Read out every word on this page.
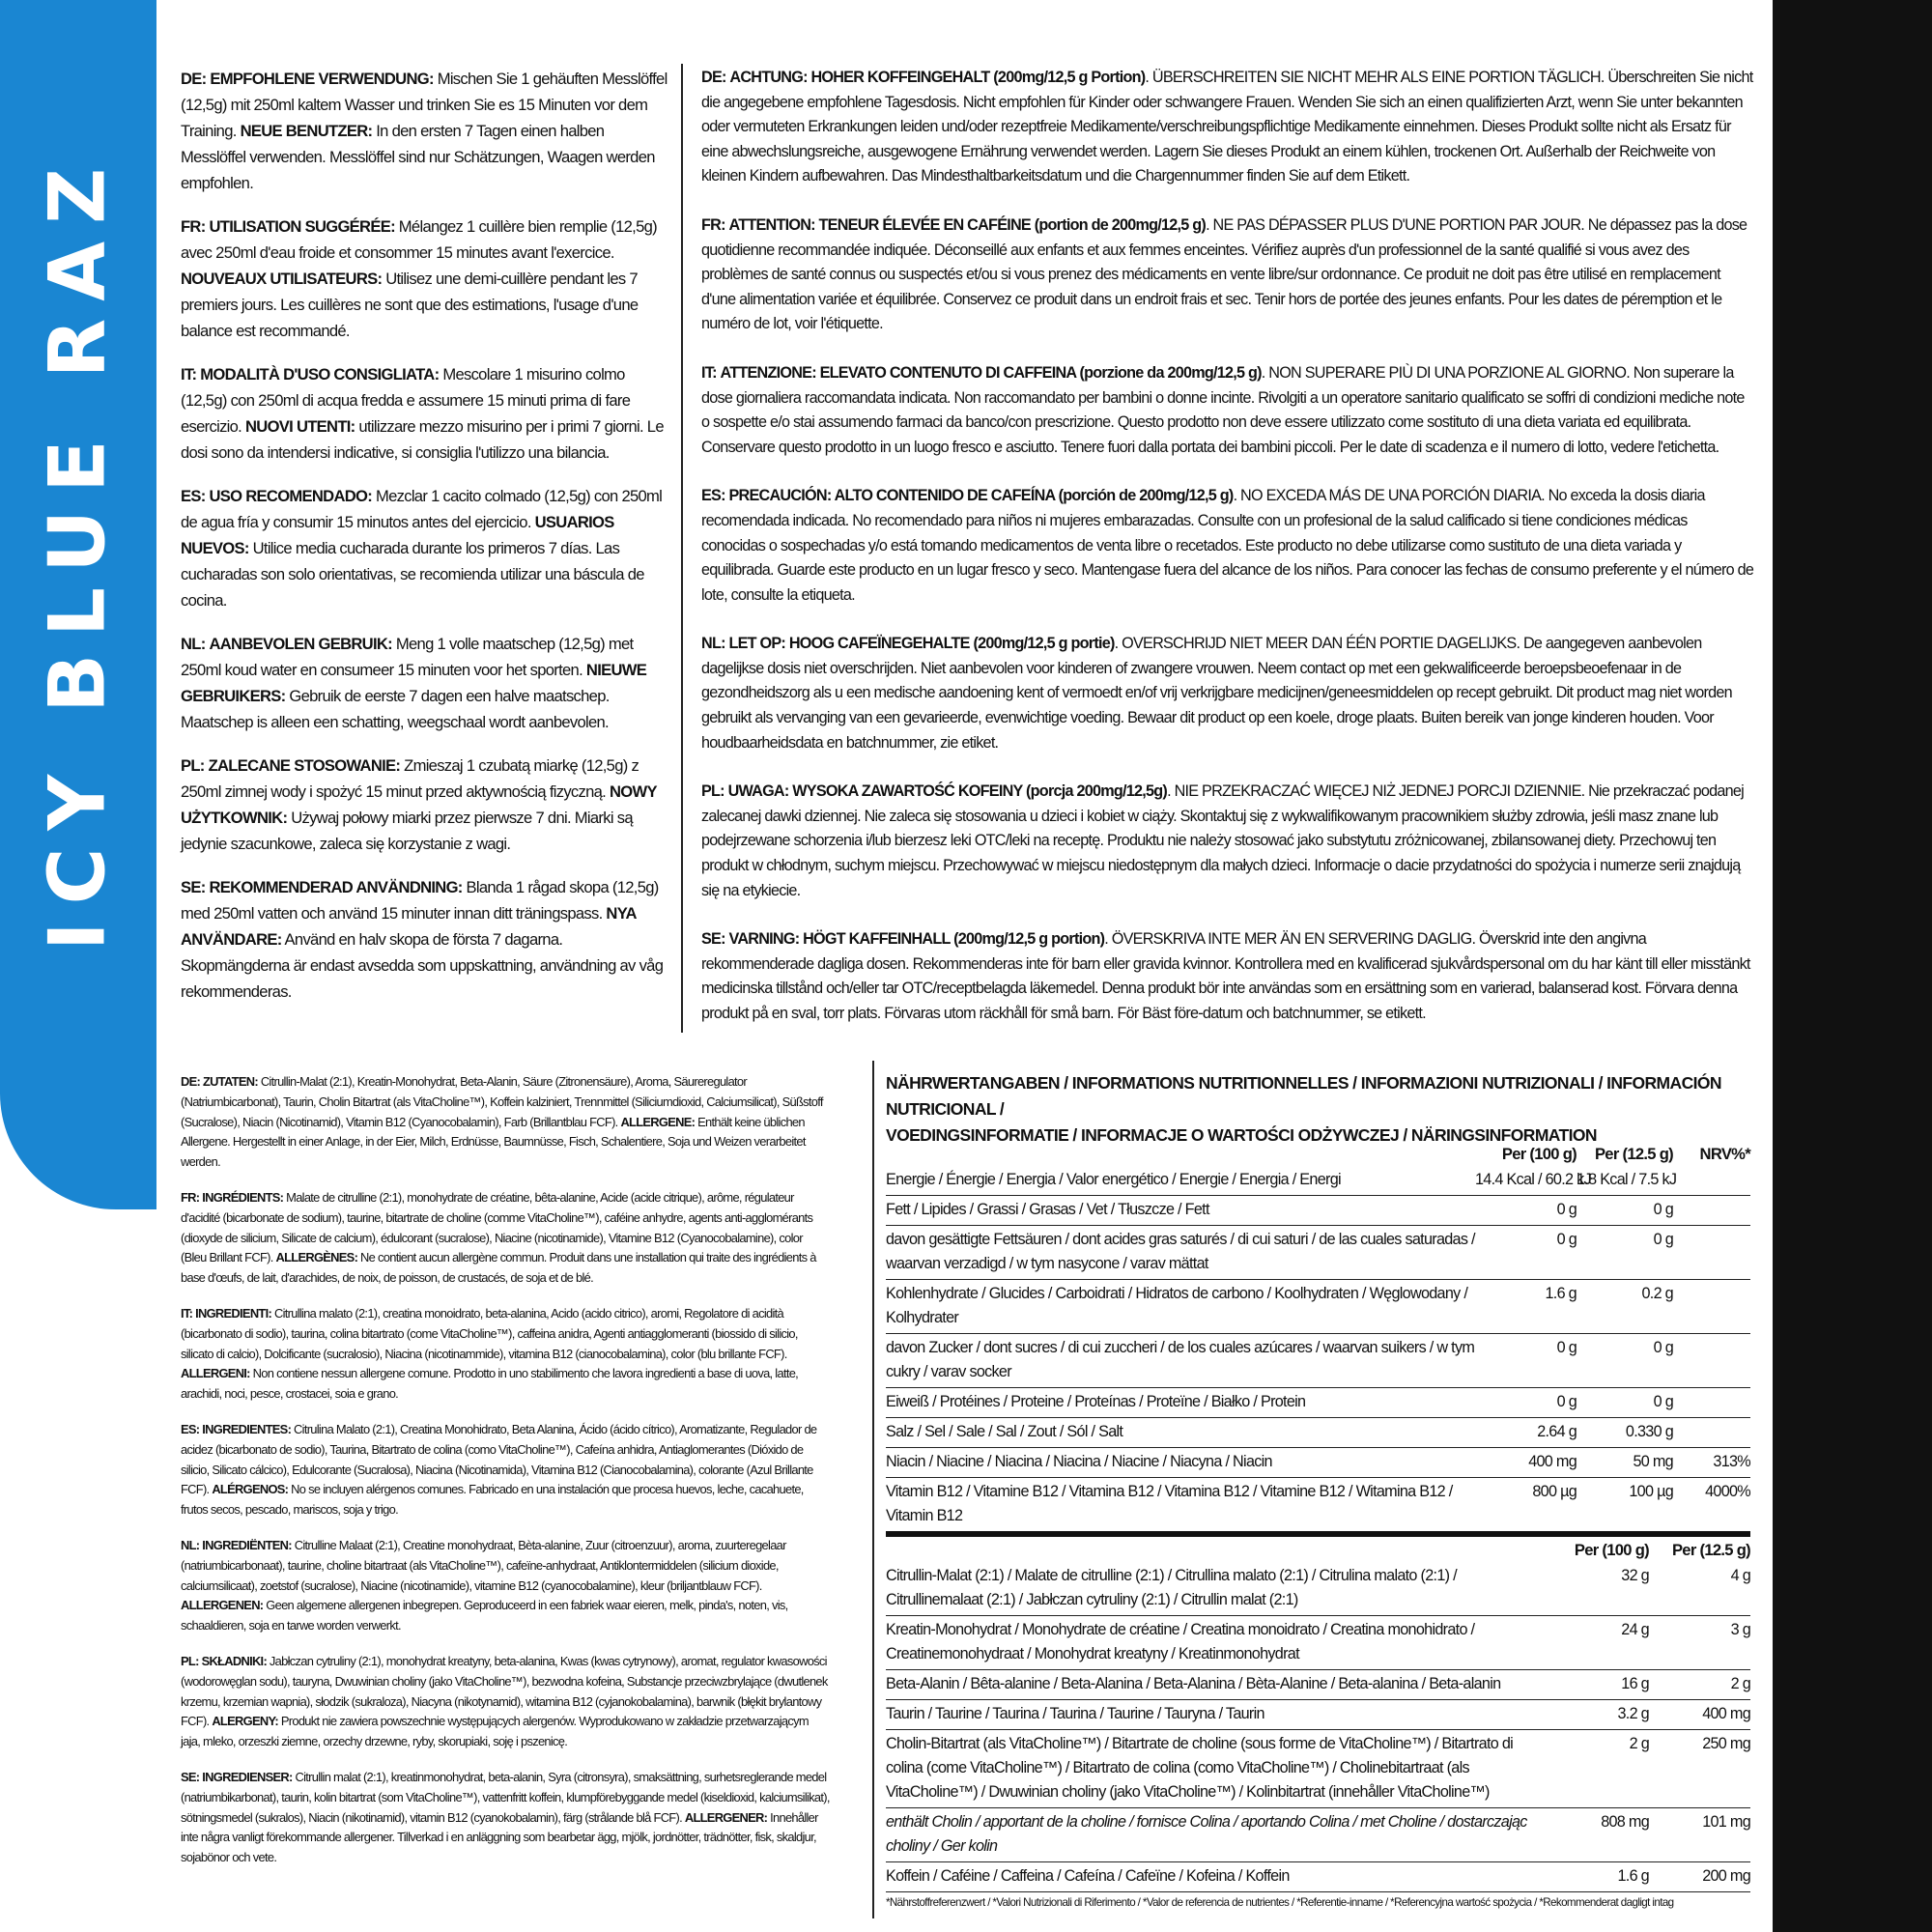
ICY BLUE RAZ

DE: EMPFOHLENE VERWENDUNG: Mischen Sie 1 gehäuften Messlöffel (12,5g) mit 250ml kaltem Wasser und trinken Sie es 15 Minuten vor dem Training. NEUE BENUTZER: In den ersten 7 Tagen einen halben Messlöffel verwenden. Messlöffel sind nur Schätzungen, Waagen werden empfohlen.

FR: UTILISATION SUGGÉRÉE: Mélangez 1 cuillère bien remplie (12,5g) avec 250ml d'eau froide et consommer 15 minutes avant l'exercice. NOUVEAUX UTILISATEURS: Utilisez une demi-cuillère pendant les 7 premiers jours. Les cuillères ne sont que des estimations, l'usage d'une balance est recommandé.

IT: MODALITÀ D'USO CONSIGLIATA: Mescolare 1 misurino colmo (12,5g) con 250ml di acqua fredda e assumere 15 minuti prima di fare esercizio. NUOVI UTENTI: utilizzare mezzo misurino per i primi 7 giorni. Le dosi sono da intendersi indicative, si consiglia l'utilizzo una bilancia.

ES: USO RECOMENDADO: Mezclar 1 cacito colmado (12,5g) con 250ml de agua fría y consumir 15 minutos antes del ejercicio. USUARIOS NUEVOS: Utilice media cucharada durante los primeros 7 días. Las cucharadas son solo orientativas, se recomienda utilizar una báscula de cocina.

NL: AANBEVOLEN GEBRUIK: Meng 1 volle maatschep (12,5g) met 250ml koud water en consumeer 15 minuten voor het sporten. NIEUWE GEBRUIKERS: Gebruik de eerste 7 dagen een halve maatschep. Maatschep is alleen een schatting, weegschaal wordt aanbevolen.

PL: ZALECANE STOSOWANIE: Zmieszaj 1 czubatą miarkę (12,5g) z 250ml zimnej wody i spożyć 15 minut przed aktywnością fizyczną. NOWY UŻYTKOWNIK: Używaj połowy miarki przez pierwsze 7 dni. Miarki są jedynie szacunkowe, zaleca się korzystanie z wagi.

SE: REKOMMENDERAD ANVÄNDNING: Blanda 1 rågad skopa (12,5g) med 250ml vatten och använd 15 minuter innan ditt träningspass. NYA ANVÄNDARE: Använd en halv skopa de första 7 dagarna. Skopmängderna är endast avsedda som uppskattning, användning av våg rekommenderas.

DE: ACHTUNG: HOHER KOFFEINGEHALT (200mg/12,5 g Portion). ÜBERSCHREITEN SIE NICHT MEHR ALS EINE PORTION TÄGLICH. Überschreiten Sie nicht die angegebene empfohlene Tagesdosis. Nicht empfohlen für Kinder oder schwangere Frauen. Wenden Sie sich an einen qualifizierten Arzt, wenn Sie unter bekannten oder vermuteten Erkrankungen leiden und/oder rezeptfreie Medikamente/verschreibungspflichtige Medikamente einnehmen. Dieses Produkt sollte nicht als Ersatz für eine abwechslungsreiche, ausgewogene Ernährung verwendet werden. Lagern Sie dieses Produkt an einem kühlen, trockenen Ort. Außerhalb der Reichweite von kleinen Kindern aufbewahren. Das Mindesthaltbarkeitsdatum und die Chargennummer finden Sie auf dem Etikett.

FR: ATTENTION: TENEUR ÉLEVÉE EN CAFÉINE (portion de 200mg/12,5 g). NE PAS DÉPASSER PLUS D'UNE PORTION PAR JOUR. Ne dépassez pas la dose quotidienne recommandée indiquée. Déconseillé aux enfants et aux femmes enceintes. Vérifiez auprès d'un professionnel de la santé qualifié si vous avez des problèmes de santé connus ou suspectés et/ou si vous prenez des médicaments en vente libre/sur ordonnance. Ce produit ne doit pas être utilisé en remplacement d'une alimentation variée et équilibrée. Conservez ce produit dans un endroit frais et sec. Tenir hors de portée des jeunes enfants. Pour les dates de péremption et le numéro de lot, voir l'étiquette.

IT: ATTENZIONE: ELEVATO CONTENUTO DI CAFFEINA (porzione da 200mg/12,5 g). NON SUPERARE PIÙ DI UNA PORZIONE AL GIORNO. Non superare la dose giornaliera raccomandata indicata. Non raccomandato per bambini o donne incinte. Rivolgiti a un operatore sanitario qualificato se soffri di condizioni mediche note o sospette e/o stai assumendo farmaci da banco/con prescrizione. Questo prodotto non deve essere utilizzato come sostituto di una dieta variata ed equilibrata. Conservare questo prodotto in un luogo fresco e asciutto. Tenere fuori dalla portata dei bambini piccoli. Per le date di scadenza e il numero di lotto, vedere l'etichetta.

ES: PRECAUCIÓN: ALTO CONTENIDO DE CAFEÍNA (porción de 200mg/12,5 g). NO EXCEDA MÁS DE UNA PORCIÓN DIARIA. No exceda la dosis diaria recomendada indicada. No recomendado para niños ni mujeres embarazadas. Consulte con un profesional de la salud calificado si tiene condiciones médicas conocidas o sospechadas y/o está tomando medicamentos de venta libre o recetados. Este producto no debe utilizarse como sustituto de una dieta variada y equilibrada. Guarde este producto en un lugar fresco y seco. Mantengase fuera del alcance de los niños. Para conocer las fechas de consumo preferente y el número de lote, consulte la etiqueta.

NL: LET OP: HOOG CAFEÏNEGEHALTE (200mg/12,5 g portie). OVERSCHRIJD NIET MEER DAN ÉÉN PORTIE DAGELIJKS. De aangegeven aanbevolen dagelijkse dosis niet overschrijden. Niet aanbevolen voor kinderen of zwangere vrouwen. Neem contact op met een gekwalificeerde beroepsbeoefenaar in de gezondheidszorg als u een medische aandoening kent of vermoedt en/of vrij verkrijgbare medicijnen/geneesmiddelen op recept gebruikt. Dit product mag niet worden gebruikt als vervanging van een gevarieerde, evenwichtige voeding. Bewaar dit product op een koele, droge plaats. Buiten bereik van jonge kinderen houden. Voor houdbaarheidsdata en batchnummer, zie etiket.

PL: UWAGA: WYSOKA ZAWARTOŚĆ KOFEINY (porcja 200mg/12,5g). NIE PRZEKRACZAĆ WIĘCEJ NIŻ JEDNEJ PORCJI DZIENNIE. Nie przekraczać podanej zalecanej dawki dziennej. Nie zaleca się stosowania u dzieci i kobiet w ciąży. Skontaktuj się z wykwalifikowanym pracownikiem służby zdrowia, jeśli masz znane lub podejrzewane schorzenia i/lub bierzesz leki OTC/leki na receptę. Produktu nie należy stosować jako substytutu zróżnicowanej, zbilansowanej diety. Przechowuj ten produkt w chłodnym, suchym miejscu. Przechowywać w miejscu niedostępnym dla małych dzieci. Informacje o dacie przydatności do spożycia i numerze serii znajdują się na etykiecie.

SE: VARNING: HÖGT KAFFEINHALL (200mg/12,5 g portion). ÖVERSKRIVA INTE MER ÄN EN SERVERING DAGLIG. Överskrid inte den angivna rekommenderade dagliga dosen. Rekommenderas inte för barn eller gravida kvinnor. Kontrollera med en kvalificerad sjukvårdspersonal om du har känt till eller misstänkt medicinska tillstånd och/eller tar OTC/receptbelagda läkemedel. Denna produkt bör inte användas som en ersättning som en varierad, balanserad kost. Förvara denna produkt på en sval, torr plats. Förvaras utom räckhåll för små barn. För Bäst före-datum och batchnummer, se etikett.

DE: ZUTATEN: Citrullin-Malat (2:1), Kreatin-Monohydrat, Beta-Alanin, Säure (Zitronensäure), Aroma, Säureregulator (Natriumbicarbonat), Taurin, Cholin Bitartrat (als VitaCholine™), Koffein kalziniert, Trennmittel (Siliciumdioxid, Calciumsilicat), Süßstoff (Sucralose), Niacin (Nicotinamid), Vitamin B12 (Cyanocobalamin), Farb (Brillantblau FCF). ALLERGENE: Enthält keine üblichen Allergene. Hergestellt in einer Anlage, in der Eier, Milch, Erdnüsse, Baumnüsse, Fisch, Schalentiere, Soja und Weizen verarbeitet werden.

FR: INGRÉDIENTS: Malate de citrulline (2:1), monohydrate de créatine, bêta-alanine, Acide (acide citrique), arôme, régulateur d'acidité (bicarbonate de sodium), taurine, bitartrate de choline (comme VitaCholine™), caféine anhydre, agents anti-agglomérants (dioxyde de silicium, Silicate de calcium), édulcorant (sucralose), Niacine (nicotinamide), Vitamine B12 (Cyanocobalamine), color (Bleu Brillant FCF). ALLERGÈNES: Ne contient aucun allergène commun. Produit dans une installation qui traite des ingrédients à base d'œufs, de lait, d'arachides, de noix, de poisson, de crustacés, de soja et de blé.

IT: INGREDIENTI: Citrullina malato (2:1), creatina monoidrato, beta-alanina, Acido (acido citrico), aromi, Regolatore di acidità (bicarbonato di sodio), taurina, colina bitartrato (come VitaCholine™), caffeina anidra, Agenti antiagglomeranti (biossido di silicio, silicato di calcio), Dolcificante (sucralosio), Niacina (nicotinammide), vitamina B12 (cianocobalamina), color (blu brillante FCF). ALLERGENI: Non contiene nessun allergene comune. Prodotto in uno stabilimento che lavora ingredienti a base di uova, latte, arachidi, noci, pesce, crostacei, soia e grano.

ES: INGREDIENTES: Citrulina Malato (2:1), Creatina Monohidrato, Beta Alanina, Ácido (ácido cítrico), Aromatizante, Regulador de acidez (bicarbonato de sodio), Taurina, Bitartrato de colina (como VitaCholine™), Cafeína anhidra, Antiaglomerantes (Dióxido de silicio, Silicato cálcico), Edulcorante (Sucralosa), Niacina (Nicotinamida), Vitamina B12 (Cianocobalamina), colorante (Azul Brillante FCF). ALÉRGENOS: No se incluyen alérgenos comunes. Fabricado en una instalación que procesa huevos, leche, cacahuete, frutos secos, pescado, mariscos, soja y trigo.

NL: INGREDIËNTEN: Citrulline Malaat (2:1), Creatine monohydraat, Bèta-alanine, Zuur (citroenzuur), aroma, zuurteregelaar (natriumbicarbonaat), taurine, choline bitartraat (als VitaCholine™), cafeïne-anhydraat, Antiklontermiddelen (silicium dioxide, calciumsilicaat), zoetstof (sucralose), Niacine (nicotinamide), vitamine B12 (cyanocobalamine), kleur (briljantblauw FCF). ALLERGENEN: Geen algemene allergenen inbegrepen. Geproduceerd in een fabriek waar eieren, melk, pinda's, noten, vis, schaaldieren, soja en tarwe worden verwerkt.

PL: SKŁADNIKI: Jabłczan cytruliny (2:1), monohydrat kreatyny, beta-alanina, Kwas (kwas cytrynowy), aromat, regulator kwasowości (wodorowęglan sodu), tauryna, Dwuwinian choliny (jako VitaCholine™), bezwodna kofeina, Substancje przeciwzbrylające (dwutlenek krzemu, krzemian wapnia), słodzik (sukraloza), Niacyna (nikotynamid), witamina B12 (cyjanokobalamina), barwnik (błękit brylantowy FCF). ALERGENY: Produkt nie zawiera powszechnie występujących alergenów. Wyprodukowano w zakładzie przetwarzającym jaja, mleko, orzeszki ziemne, orzechy drzewne, ryby, skorupiaki, soję i pszenicę.

SE: INGREDIENSER: Citrullin malat (2:1), kreatinmonohydrat, beta-alanin, Syra (citronsyra), smaksättning, surhetsreglerande medel (natriumbikarbonat), taurin, kolin bitartrat (som VitaCholine™), vattenfritt koffein, klumpförebyggande medel (kiseldioxid, kalciumsilikat), sötningsmedel (sukralos), Niacin (nikotinamid), vitamin B12 (cyanokobalamin), färg (strålande blå FCF). ALLERGENER: Innehåller inte några vanligt förekommande allergener. Tillverkad i en anläggning som bearbetar ägg, mjölk, jordnötter, trädnötter, fisk, skaldjur, sojabönor och vete.

NÄHRWERTANGABEN / INFORMATIONS NUTRITIONNELLES / INFORMAZIONI NUTRIZIONALI / INFORMACIÓN NUTRICIONAL /
VOEDINGSINFORMATIE / INFORMACJE O WARTOŚCI ODŻYWCZEJ / NÄRINGSINFORMATION
	Per (100 g)	Per (12.5 g)	NRV%*
Energie / Énergie / Energia / Valor energético / Energie / Energia / Energi	14.4 Kcal / 60.2 kJ	1.8 Kcal / 7.5 kJ	
Fett / Lipides / Grassi / Grasas / Vet / Tłuszcze / Fett	0 g	0 g	
davon gesättigte Fettsäuren / dont acides gras saturés / di cui saturi / de las cuales saturadas / waarvan verzadigd / w tym nasycone / varav mättat	0 g	0 g	
Kohlenhydrate / Glucides / Carboidrati / Hidratos de carbono / Koolhydraten / Węglowodany / Kolhydrater	1.6 g	0.2 g	
davon Zucker / dont sucres / di cui zuccheri / de los cuales azúcares / waarvan suikers / w tym cukry / varav socker	0 g	0 g	
Eiweiß / Protéines / Proteine / Proteínas / Proteïne / Białko / Protein	0 g	0 g	
Salz / Sel / Sale / Sal / Zout / Sól / Salt	2.64 g	0.330 g	
Niacin / Niacine / Niacina / Niacina / Niacine / Niacyna / Niacin	400 mg	50 mg	313%
Vitamin B12 / Vitamine B12 / Vitamina B12 / Vitamina B12 / Vitamine B12 / Witamina B12 / Vitamin B12	800 µg	100 µg	4000%
	Per (100 g)	Per (12.5 g)
Citrullin-Malat (2:1) / Malate de citrulline (2:1) / Citrullina malato (2:1) / Citrulina malato (2:1) / Citrullinemalaat (2:1) / Jabłczan cytruliny (2:1) / Citrullin malat (2:1)	32 g	4 g
Kreatin-Monohydrat / Monohydrate de créatine / Creatina monoidrato / Creatina monohidrato / Creatinemonohydraat / Monohydrat kreatyny / Kreatinmonohydrat	24 g	3 g
Beta-Alanin / Bêta-alanine / Beta-Alanina / Beta-Alanina / Bèta-Alanine / Beta-alanina / Beta-alanin	16 g	2 g
Taurin / Taurine / Taurina / Taurina / Taurine / Tauryna / Taurin	3.2 g	400 mg
Cholin-Bitartrat (als VitaCholine™) / Bitartrate de choline (sous forme de VitaCholine™) / Bitartrato di colina (come VitaCholine™) / Bitartrato de colina (como VitaCholine™) / Cholinebitartraat (als VitaCholine™) / Dwuwinian choliny (jako VitaCholine™) / Kolinbitartrat (innehåller VitaCholine™)	2 g	250 mg
enthält Cholin / apportant de la choline / fornisce Colina / aportando Colina / met Choline / dostarczając choliny / Ger kolin	808 mg	101 mg
Koffein / Caféine / Caffeina / Cafeína / Cafeïne / Kofeina / Koffein	1.6 g	200 mg
*Nährstoffreferenzwert / *Valori Nutrizionali di Riferimento / *Valor de referencia de nutrientes / *Referentie-inname / *Referencyjna wartość spożycia / *Rekommenderat dagligt intag
